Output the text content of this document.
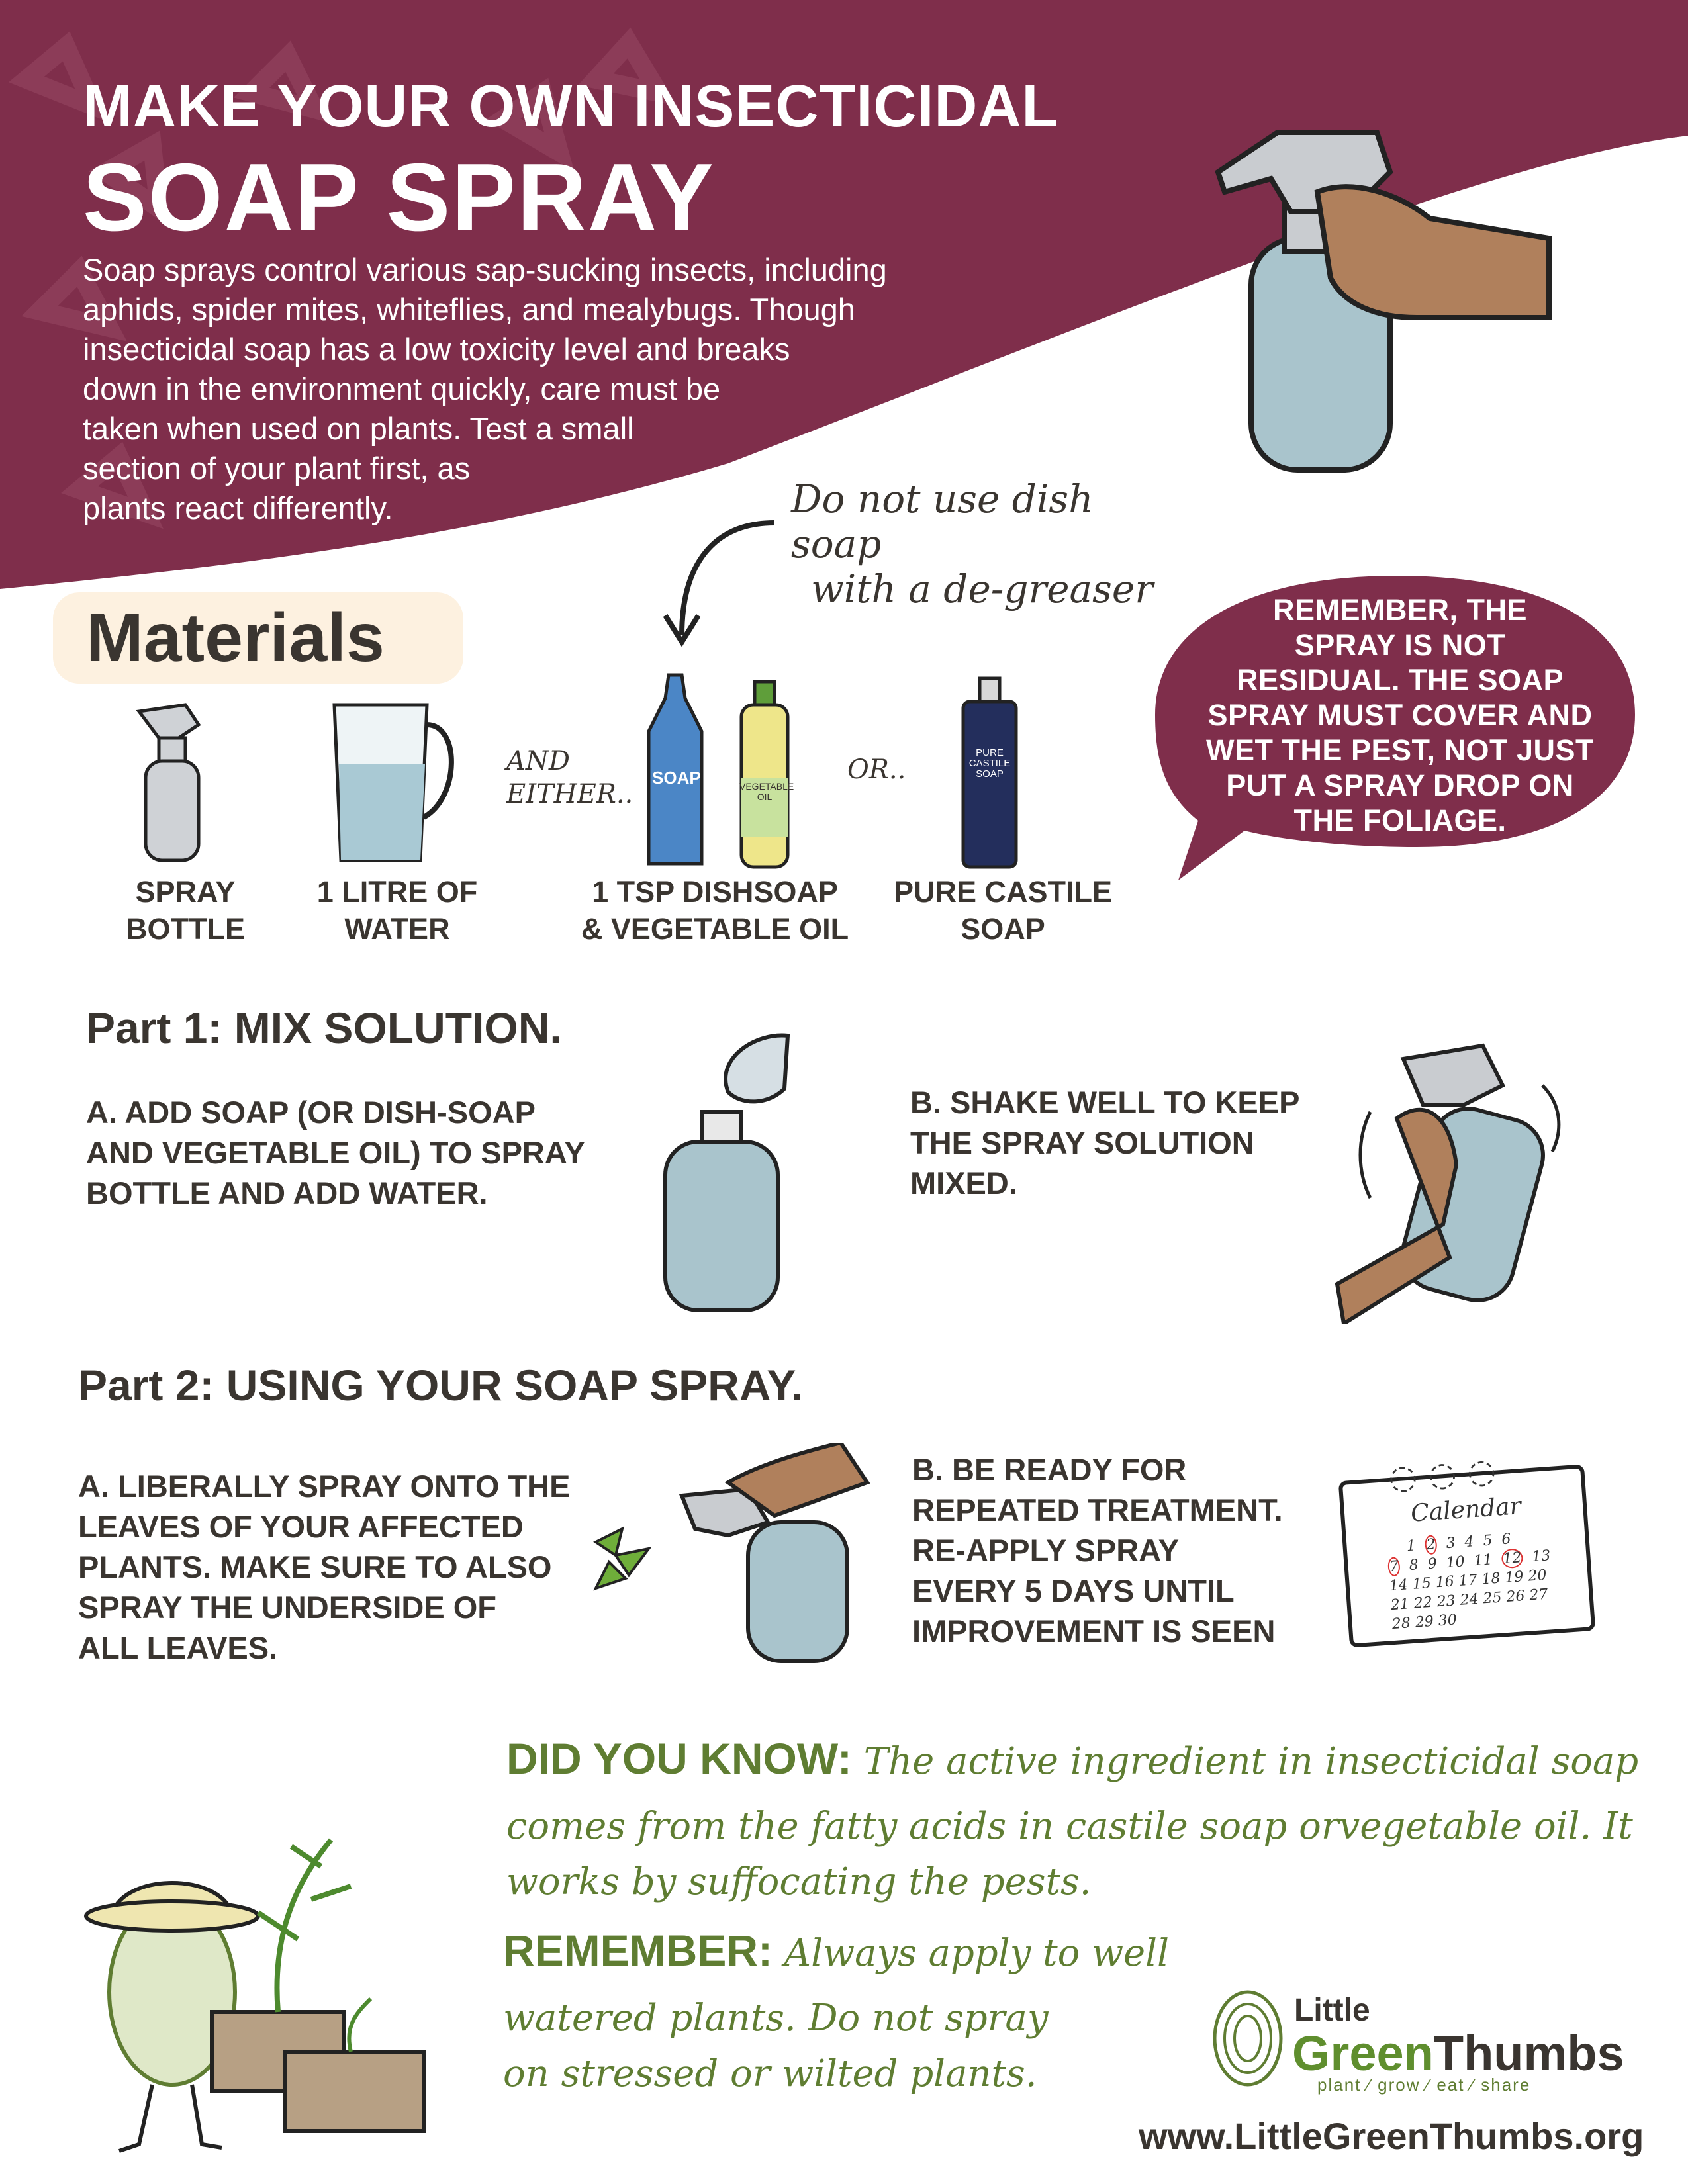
MAKE YOUR OWN INSECTICIDAL
SOAP SPRAY
Soap sprays control various sap-sucking insects, including
aphids, spider mites, whiteflies, and mealybugs. Though
insecticidal soap has a low toxicity level and breaks
down in the environment quickly, care must be
taken when used on plants. Test a small
section of your plant first, as
plants react differently.	Do not use dish soap
with a de-greaser
Materials
AND
EITHER..
SOAP	VEGETABLE
OIL
OR..
PURE
CASTILE
SOAP
SPRAY
BOTTLE
1 LITRE OF
WATER
1 TSP DISHSOAP
& VEGETABLE OIL
PURE CASTILE
SOAP
REMEMBER, THE
SPRAY IS NOT
RESIDUAL. THE SOAP
SPRAY MUST COVER AND
WET THE PEST, NOT JUST
PUT A SPRAY DROP ON
THE FOLIAGE.
Part 1: MIX SOLUTION.
A. ADD SOAP (OR DISH-SOAP
AND VEGETABLE OIL) TO SPRAY
BOTTLE AND ADD WATER.
B. SHAKE WELL TO KEEP
THE SPRAY SOLUTION
MIXED.
Part 2: USING YOUR SOAP SPRAY.
A. LIBERALLY SPRAY ONTO THE
LEAVES OF YOUR AFFECTED
PLANTS. MAKE SURE TO ALSO
SPRAY THE UNDERSIDE OF
ALL LEAVES.
B. BE READY FOR
REPEATED TREATMENT.
RE-APPLY SPRAY
EVERY 5 DAYS UNTIL
IMPROVEMENT IS SEEN
◌ ◌ ◌
Calendar
1 2 3 4 5 6
7 8 9 10 11 12 13
14 15 16 17 18 19 20
21 22 23 24 25 26 27
28 29 30
DID YOU KNOW: The active ingredient in insecticidal soap
comes from the fatty acids in castile soap orvegetable oil. It
works by suffocating the pests.
REMEMBER: Always apply to well
watered plants. Do not spray
on stressed or wilted plants.
Little
GreenThumbs
plant ⁄ grow ⁄ eat ⁄ share
www.LittleGreenThumbs.org
